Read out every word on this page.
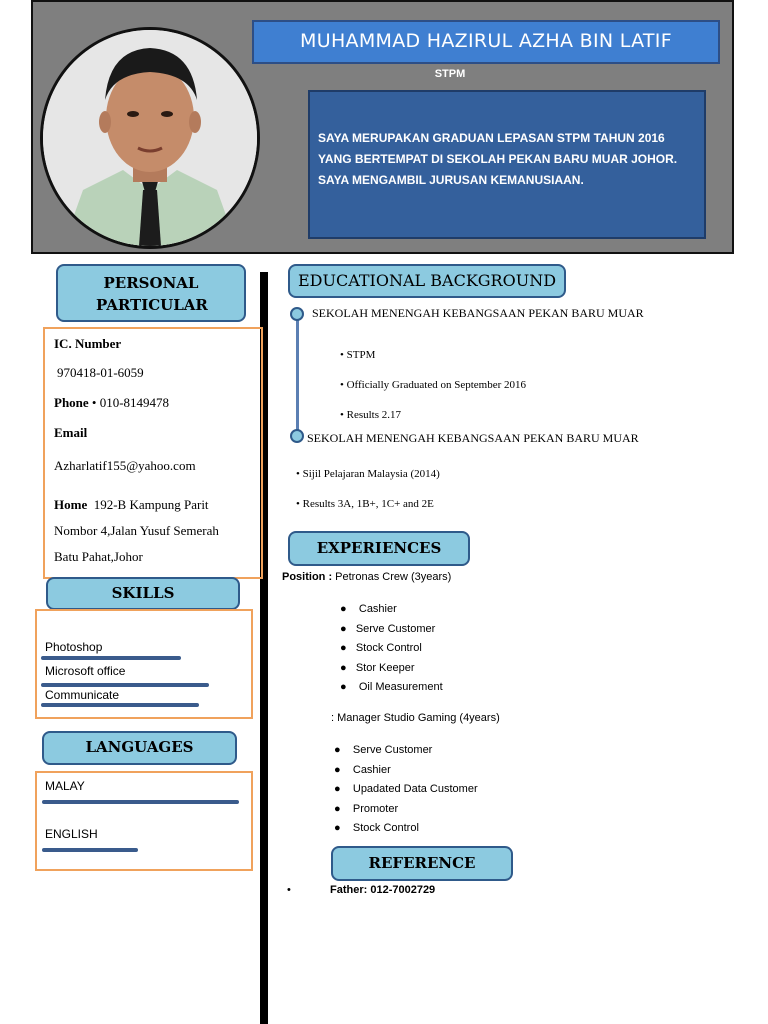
MUHAMMAD HAZIRUL AZHA BIN LATIF
STPM
SAYA MERUPAKAN GRADUAN LEPASAN STPM TAHUN 2016 YANG BERTEMPAT DI SEKOLAH PEKAN BARU MUAR JOHOR. SAYA MENGAMBIL JURUSAN KEMANUSIAAN.
PERSONAL PARTICULAR
IC. Number
970418-01-6059
Phone • 010-8149478
Email
Azharlatif155@yahoo.com
Home 192-B Kampung Parit
Nombor 4,Jalan Yusuf Semerah
Batu Pahat,Johor
SKILLS
Photoshop
Microsoft office
Communicate
LANGUAGES
MALAY
ENGLISH
EDUCATIONAL BACKGROUND
SEKOLAH MENENGAH KEBANGSAAN PEKAN BARU MUAR
• STPM
• Officially Graduated on September 2016
• Results 2.17
SEKOLAH MENENGAH KEBANGSAAN PEKAN BARU MUAR
• Sijil Pelajaran Malaysia (2014)
• Results 3A, 1B+, 1C+ and 2E
EXPERIENCES
Position : Petronas Crew (3years)
●    Cashier
●   Serve Customer
●   Stock Control
●   Stor Keeper
●    Oil Measurement
: Manager Studio Gaming (4years)
●    Serve Customer
●    Cashier
●    Upadated Data Customer
●    Promoter
●    Stock Control
REFERENCE
•	Father: 012-7002729
